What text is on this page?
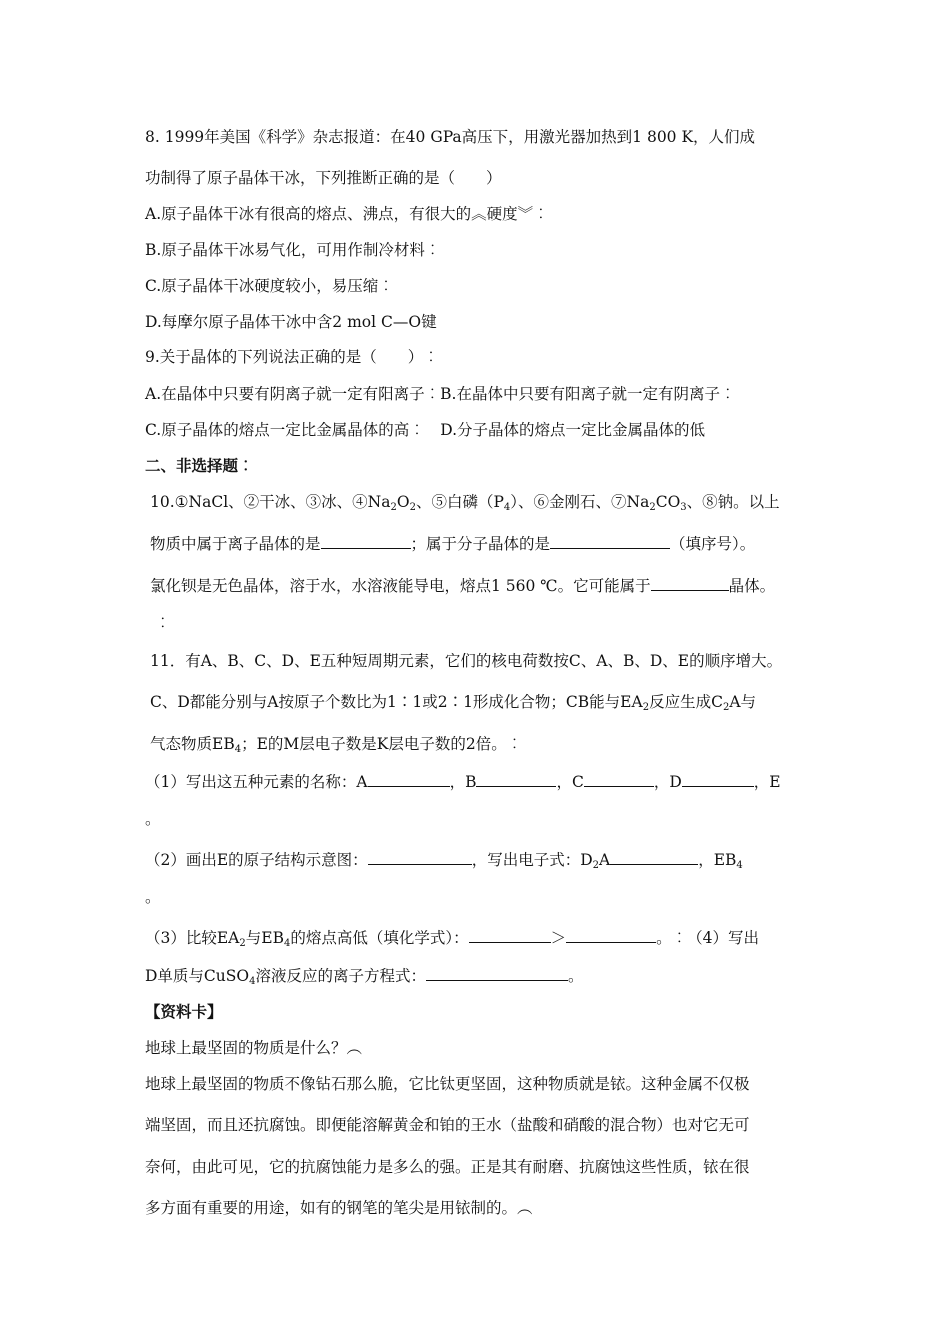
8. 1999年美国《科学》杂志报道：在40 GPa高压下，用激光器加热到1 800 K，人们成
功制得了原子晶体干冰，下列推断正确的是（　　）
A.原子晶体干冰有很高的熔点、沸点，有很大的︽硬度︾︰
B.原子晶体干冰易气化，可用作制冷材料︰
C.原子晶体干冰硬度较小，易压缩︰
D.每摩尔原子晶体干冰中含2 mol C—O键
9.关于晶体的下列说法正确的是（　　）︰
A.在晶体中只要有阴离子就一定有阳离子︰B.在晶体中只要有阳离子就一定有阴离子︰
C.原子晶体的熔点一定比金属晶体的高︰　D.分子晶体的熔点一定比金属晶体的低
二、非选择题︰
10.①NaCl、②干冰、③冰、$④Na_2O_2$、⑤白磷$(P_4)$、⑥金刚石、$⑦Na_2CO_3$、⑧钠。以上
物质中属于离子晶体的是	；属于分子晶体的是	（填序号）。
氯化钡是无色晶体，溶于水，水溶液能导电，熔点1 560 ℃。它可能属于	晶体。
︰
11．有A、B、C、D、E五种短周期元素，它们的核电荷数按C、A、B、D、E的顺序增大。
C、D都能分别与A按原子个数比为1∶1或2∶1形成化合物；CB能与$EA_2$反应生成$C_2A$与
气态物质$EB_4$；E的M层电子数是K层电子数的2倍。︰
（1）写出这五种元素的名称：A	，B	，C	，D	，E
。
（2）画出E的原子结构示意图：	，写出电子式：$D_2A$	，$EB_4$
。
（3）比较$EA_2$与$EB_4$的熔点高低（填化学式）：	＞	。︰（4）写出
D单质与CuSO$_4$溶液反应的离子方程式：	。
【资料卡】
地球上最坚固的物质是什么？︵
地球上最坚固的物质不像钻石那么脆，它比钛更坚固，这种物质就是铱。这种金属不仅极
端坚固，而且还抗腐蚀。即便能溶解黄金和铂的王水（盐酸和硝酸的混合物）也对它无可
奈何，由此可见，它的抗腐蚀能力是多么的强。正是其有耐磨、抗腐蚀这些性质，铱在很
多方面有重要的用途，如有的钢笔的笔尖是用铱制的。︵
